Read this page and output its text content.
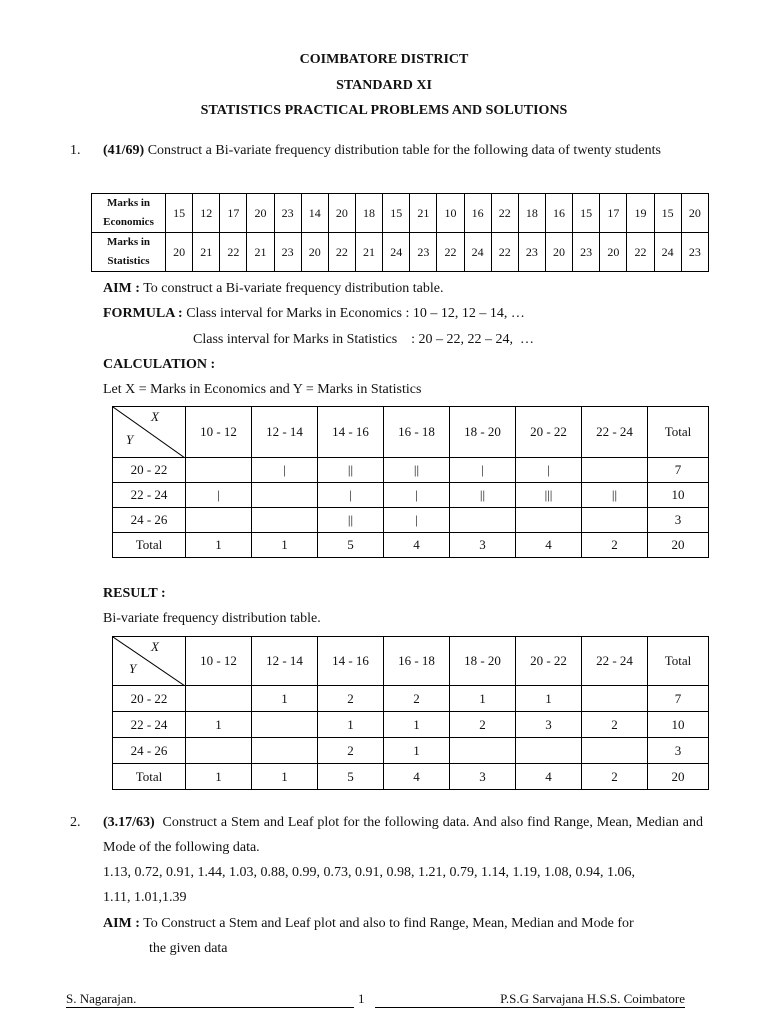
COIMBATORE DISTRICT
STANDARD XI
STATISTICS PRACTICAL PROBLEMS AND SOLUTIONS
1. (41/69) Construct a Bi-variate frequency distribution table for the following data of twenty students
Marks in Economics	15	12	17	20	23	14	20	18	15	21	10	16	22	18	16	15	17	19	15	20
Marks in Statistics	20	21	22	21	23	20	22	21	24	23	22	24	22	23	20	23	20	22	24	23
AIM : To construct a Bi-variate frequency distribution table.
FORMULA : Class interval for Marks in Economics : 10 – 12, 12 – 14, …
Class interval for Marks in Statistics    : 20 – 22, 22 – 24,  …
CALCULATION :
Let X = Marks in Economics and Y = Marks in Statistics
X
Y	10 - 12	12 - 14	14 - 16	16 - 18	18 - 20	20 - 22	22 - 24	Total
20 - 22		|	||	||	|	|		7
22 - 24	|		|	|	||	|||	||	10
24 - 26			||	|				3
Total	1	1	5	4	3	4	2	20
RESULT :
Bi-variate frequency distribution table.
X
Y	10 - 12	12 - 14	14 - 16	16 - 18	18 - 20	20 - 22	22 - 24	Total
20 - 22		1	2	2	1	1		7
22 - 24	1		1	1	2	3	2	10
24 - 26			2	1				3
Total	1	1	5	4	3	4	2	20
2. (3.17/63) Construct a Stem and Leaf plot for the following data. And also find Range, Mean, Median and Mode of the following data.
1.13, 0.72, 0.91, 1.44, 1.03, 0.88, 0.99, 0.73, 0.91, 0.98, 1.21, 0.79, 1.14, 1.19, 1.08, 0.94, 1.06,
1.11, 1.01,1.39
AIM : To Construct a Stem and Leaf plot and also to find Range, Mean, Median and Mode for
the given data
S. Nagarajan.	1	P.S.G Sarvajana H.S.S. Coimbatore
